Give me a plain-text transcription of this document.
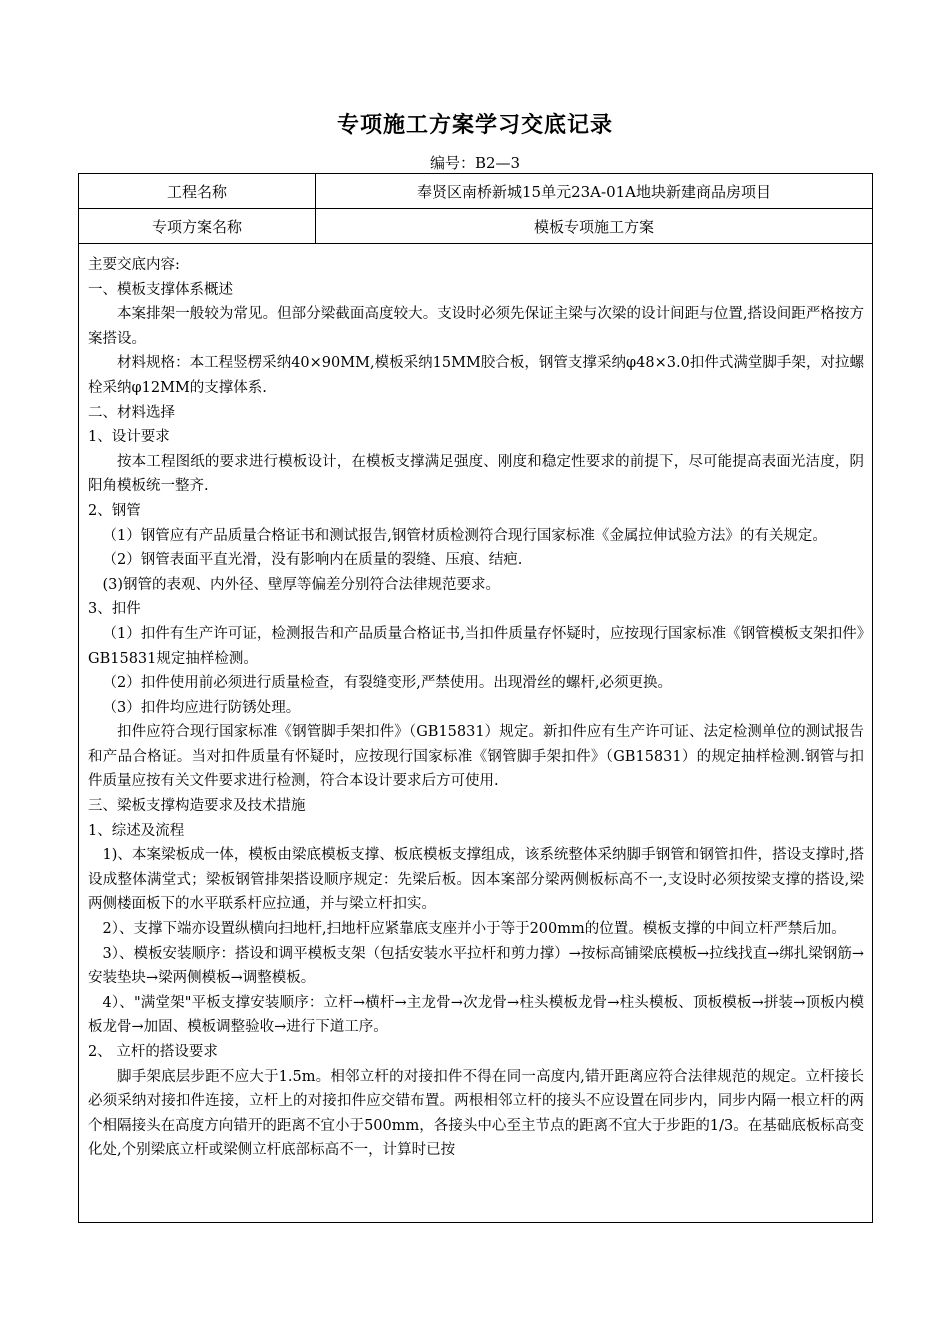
专项施工方案学习交底记录
编号：B2—3
工程名称	奉贤区南桥新城15单元23A-01A地块新建商品房项目
专项方案名称	模板专项施工方案

主要交底内容:

一、模板支撑体系概述

本案排架一般较为常见。但部分梁截面高度较大。支设时必须先保证主梁与次梁的设计间距与位置,搭设间距严格按方案搭设。

材料规格：本工程竖楞采纳40×90MM,模板采纳15MM胶合板，钢管支撑采纳φ48×3.0扣件式满堂脚手架，对拉螺栓采纳φ12MM的支撑体系.

二、材料选择

1、设计要求

按本工程图纸的要求进行模板设计，在模板支撑满足强度、刚度和稳定性要求的前提下，尽可能提高表面光洁度，阴阳角模板统一整齐.

2、钢管

（1）钢管应有产品质量合格证书和测试报告,钢管材质检测符合现行国家标准《金属拉伸试验方法》的有关规定。

（2）钢管表面平直光滑，没有影响内在质量的裂缝、压痕、结疤.

(3)钢管的表观、内外径、壁厚等偏差分别符合法律规范要求。

3、扣件

（1）扣件有生产许可证，检测报告和产品质量合格证书,当扣件质量存怀疑时，应按现行国家标准《钢管模板支架扣件》GB15831规定抽样检测。

（2）扣件使用前必须进行质量检查，有裂缝变形,严禁使用。出现滑丝的螺杆,必须更换。

（3）扣件均应进行防锈处理。

扣件应符合现行国家标准《钢管脚手架扣件》（GB15831）规定。新扣件应有生产许可证、法定检测单位的测试报告和产品合格证。当对扣件质量有怀疑时，应按现行国家标准《钢管脚手架扣件》（GB15831）的规定抽样检测.钢管与扣件质量应按有关文件要求进行检测，符合本设计要求后方可使用.

三、梁板支撑构造要求及技术措施

1、综述及流程

1)、本案梁板成一体，模板由梁底模板支撑、板底模板支撑组成，该系统整体采纳脚手钢管和钢管扣件，搭设支撑时,搭设成整体满堂式；梁板钢管排架搭设顺序规定：先梁后板。因本案部分梁两侧板标高不一,支设时必须按梁支撑的搭设,梁两侧楼面板下的水平联系杆应拉通，并与梁立杆扣实。

2）、支撑下端亦设置纵横向扫地杆,扫地杆应紧靠底支座并小于等于200mm的位置。模板支撑的中间立杆严禁后加。

3）、模板安装顺序：搭设和调平模板支架（包括安装水平拉杆和剪力撑）→按标高铺梁底模板→拉线找直→绑扎梁钢筋→安装垫块→梁两侧模板→调整模板。

4）、"满堂架"平板支撑安装顺序：立杆→横杆→主龙骨→次龙骨→柱头模板龙骨→柱头模板、顶板模板→拼装→顶板内模板龙骨→加固、模板调整验收→进行下道工序。

2、 立杆的搭设要求

脚手架底层步距不应大于1.5m。相邻立杆的对接扣件不得在同一高度内,错开距离应符合法律规范的规定。立杆接长必须采纳对接扣件连接，立杆上的对接扣件应交错布置。两根相邻立杆的接头不应设置在同步内，同步内隔一根立杆的两个相隔接头在高度方向错开的距离不宜小于500mm，各接头中心至主节点的距离不宜大于步距的1/3。在基础底板标高变化处,个别梁底立杆或梁侧立杆底部标高不一，计算时已按
